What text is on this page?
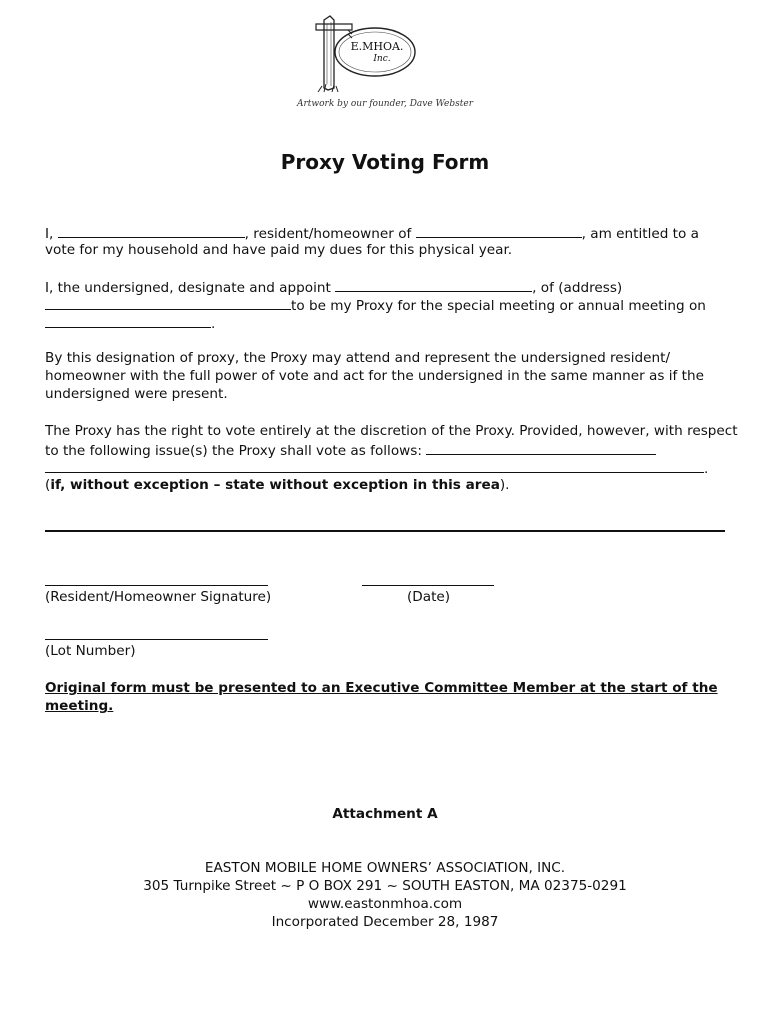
E.MHOA.
Inc.
Artwork by our founder, Dave Webster
Proxy Voting Form
I,	, resident/homeowner of	, am entitled to a
vote for my household and have paid my dues for this physical year.
I, the undersigned, designate and appoint	, of (address)
to be my Proxy for the special meeting or annual meeting on
.
By this designation of proxy, the Proxy may attend and represent the undersigned resident/
homeowner with the full power of vote and act for the undersigned in the same manner as if the
undersigned were present.
The Proxy has the right to vote entirely at the discretion of the Proxy. Provided, however, with respect
to the following issue(s) the Proxy shall vote as follows:
.
(if, without exception – state without exception in this area).
(Resident/Homeowner Signature)	(Date)
(Lot Number)
Original form must be presented to an Executive Committee Member at the start of the meeting.
Attachment A
EASTON MOBILE HOME OWNERS’ ASSOCIATION, INC.
305 Turnpike Street ~ P O BOX 291 ~ SOUTH EASTON, MA 02375-0291
www.eastonmhoa.com
Incorporated December 28, 1987
